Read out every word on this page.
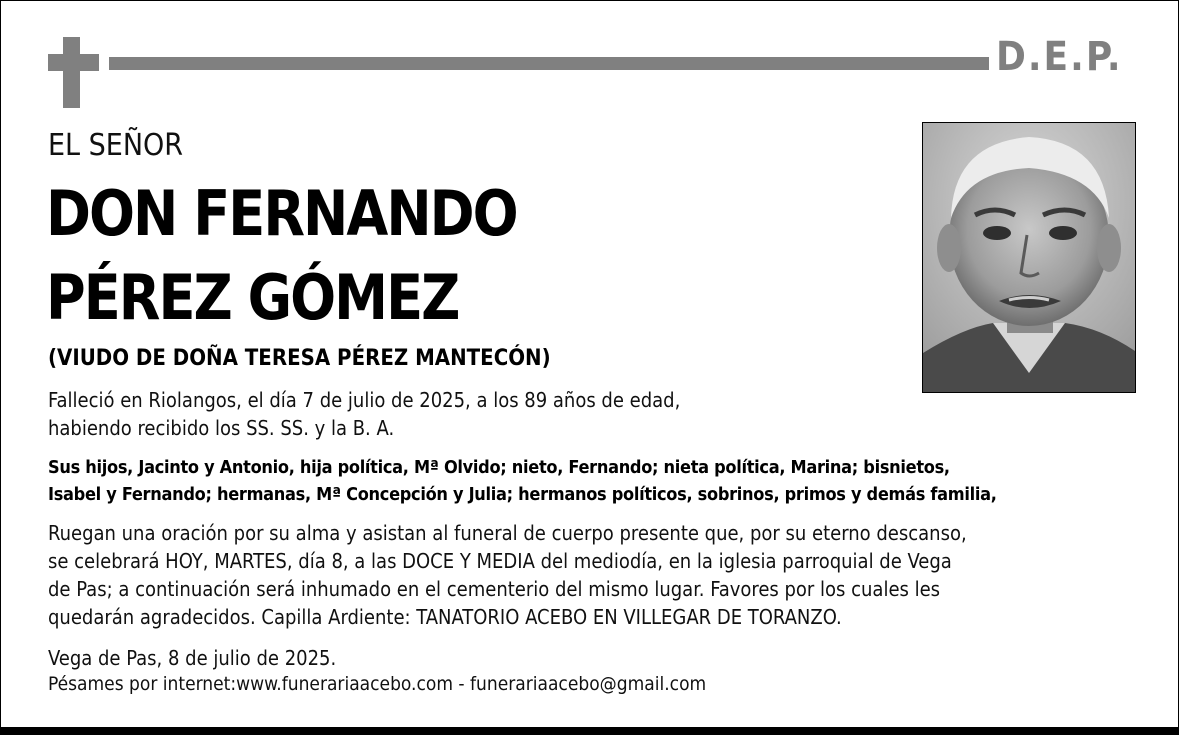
D.E.P.
EL SEÑOR
DON FERNANDO
PÉREZ GÓMEZ
(VIUDO DE DOÑA TERESA PÉREZ MANTECÓN)
Falleció en Riolangos, el día 7 de julio de 2025, a los 89 años de edad,
habiendo recibido los SS. SS. y la B. A.
Sus hijos, Jacinto y Antonio, hija política, Mª Olvido; nieto, Fernando; nieta política, Marina; bisnietos,
Isabel y Fernando; hermanas, Mª Concepción y Julia; hermanos políticos, sobrinos, primos y demás familia,
Ruegan una oración por su alma y asistan al funeral de cuerpo presente que, por su eterno descanso,
se celebrará HOY, MARTES, día 8, a las DOCE Y MEDIA del mediodía, en la iglesia parroquial de Vega
de Pas; a continuación será inhumado en el cementerio del mismo lugar. Favores por los cuales les
quedarán agradecidos. Capilla Ardiente: TANATORIO ACEBO EN VILLEGAR DE TORANZO.
Vega de Pas, 8 de julio de 2025.
Pésames por internet:www.funerariaacebo.com - funerariaacebo@gmail.com
